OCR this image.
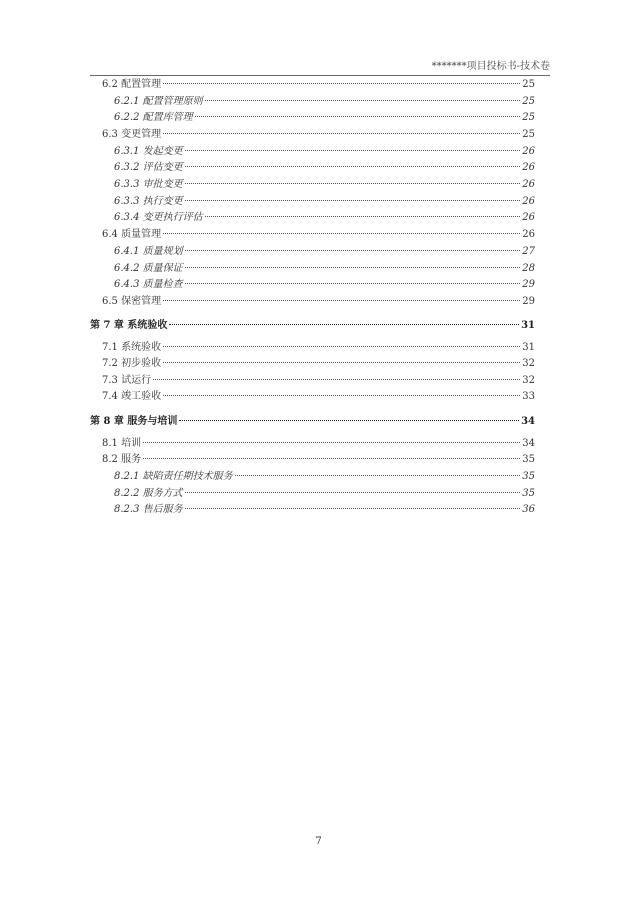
*******项目投标书-技术卷
6.2 配置管理	25
6.2.1 配置管理原则	25
6.2.2 配置库管理	25
6.3 变更管理	25
6.3.1 发起变更	26
6.3.2 评估变更	26
6.3.3 审批变更	26
6.3.3 执行变更	26
6.3.4 变更执行评估	26
6.4 质量管理	26
6.4.1 质量规划	27
6.4.2 质量保证	28
6.4.3 质量检查	29
6.5 保密管理	29
第 7 章 系统验收	31
7.1 系统验收	31
7.2 初步验收	32
7.3 试运行	32
7.4 竣工验收	33
第 8 章 服务与培训	34
8.1 培训	34
8.2 服务	35
8.2.1 缺陷责任期技术服务	35
8.2.2 服务方式	35
8.2.3 售后服务	36
7
